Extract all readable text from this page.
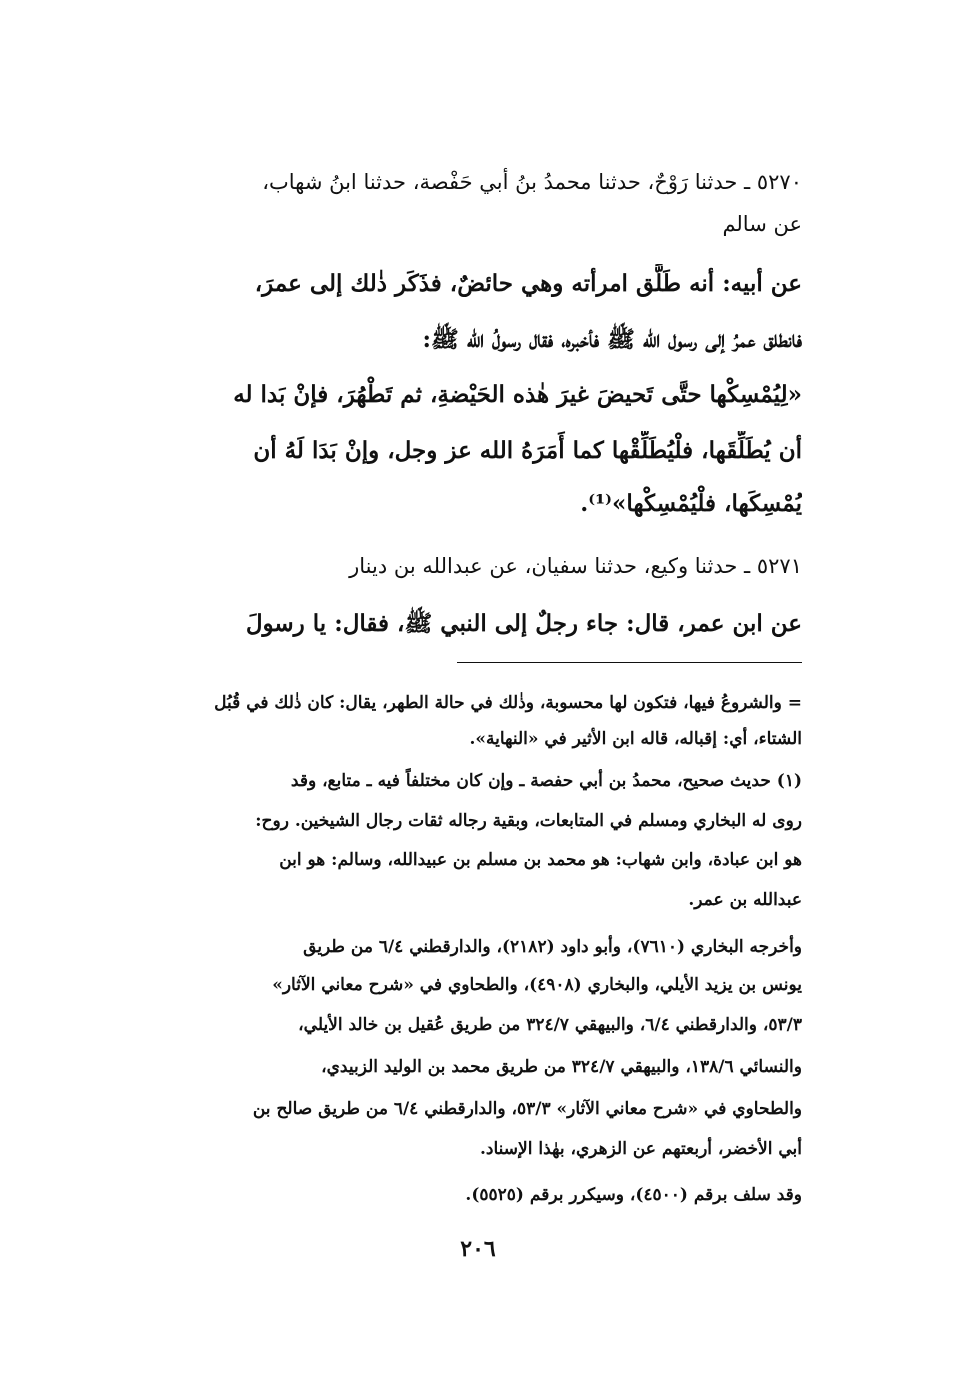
٥٢٧٠ ـ حدثنا رَوْحٌ، حدثنا محمدُ بنُ أبي حَفْصة، حدثنا ابنُ شهاب،
عن سالم
عن أبيه: أنه طَلَّق امرأته وهي حائضٌ، فذَكَر ذٰلك إلى عمرَ،
فانطلق عمرُ إلى رسول الله ﷺ فأخبره، فقال رسولُ الله ﷺ:
«لِيُمْسِكْها حتَّى تَحيضَ غيرَ هٰذه الحَيْضةِ، ثم تَطْهُرَ، فإنْ بَدا له
أن يُطَلِّقَها، فلْيُطَلِّقْها كما أَمَرَهُ الله عز وجل، وإنْ بَدَا لَهُ أن
يُمْسِكَها، فلْيُمْسِكْها»⁽¹⁾.
٥٢٧١ ـ حدثنا وكيع، حدثنا سفيان، عن عبدالله بن دينار
عن ابن عمر، قال: جاء رجلٌ إلى النبي ﷺ، فقال: يا رسولَ
= والشروعُ فيها، فتكون لها محسوبة، وذٰلك في حالة الطهر، يقال: كان ذٰلك في قُبُل
الشتاء، أي: إقباله، قاله ابن الأثير في «النهاية».
(١) حديث صحيح، محمدُ بن أبي حفصة ـ وإن كان مختلفاً فيه ـ متابع، وقد
روى له البخاري ومسلم في المتابعات، وبقية رجاله ثقات رجال الشيخين. روح:
هو ابن عبادة، وابن شهاب: هو محمد بن مسلم بن عبيدالله، وسالم: هو ابن
عبدالله بن عمر.
وأخرجه البخاري (٧٦١٠)، وأبو داود (٢١٨٢)، والدارقطني ٦/٤ من طريق
يونس بن يزيد الأيلي، والبخاري (٤٩٠٨)، والطحاوي في «شرح معاني الآثار»
٥٣/٣، والدارقطني ٦/٤، والبيهقي ٣٢٤/٧ من طريق عُقيل بن خالد الأيلي،
والنسائي ١٣٨/٦، والبيهقي ٣٢٤/٧ من طريق محمد بن الوليد الزبيدي،
والطحاوي في «شرح معاني الآثار» ٥٣/٣، والدارقطني ٦/٤ من طريق صالح بن
أبي الأخضر، أربعتهم عن الزهري، بهٰذا الإسناد.
وقد سلف برقم (٤٥٠٠)، وسيكرر برقم (٥٥٢٥).
٢٠٦
